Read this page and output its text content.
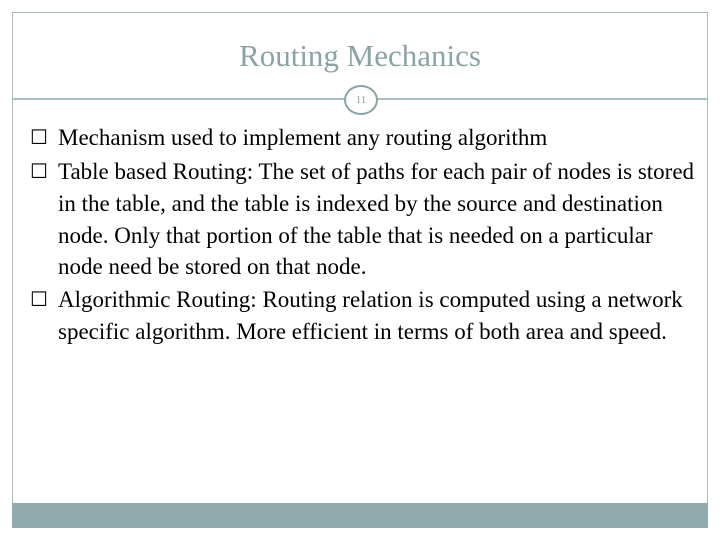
Routing Mechanics
11

☐ Mechanism used to implement any routing algorithm

☐ Table based Routing: The set of paths for each pair of nodes is stored in the table, and the table is indexed by the source and destination node. Only that portion of the table that is needed on a particular node need be stored on that node.

☐ Algorithmic Routing: Routing relation is computed using a network specific algorithm. More efficient in terms of both area and speed.
